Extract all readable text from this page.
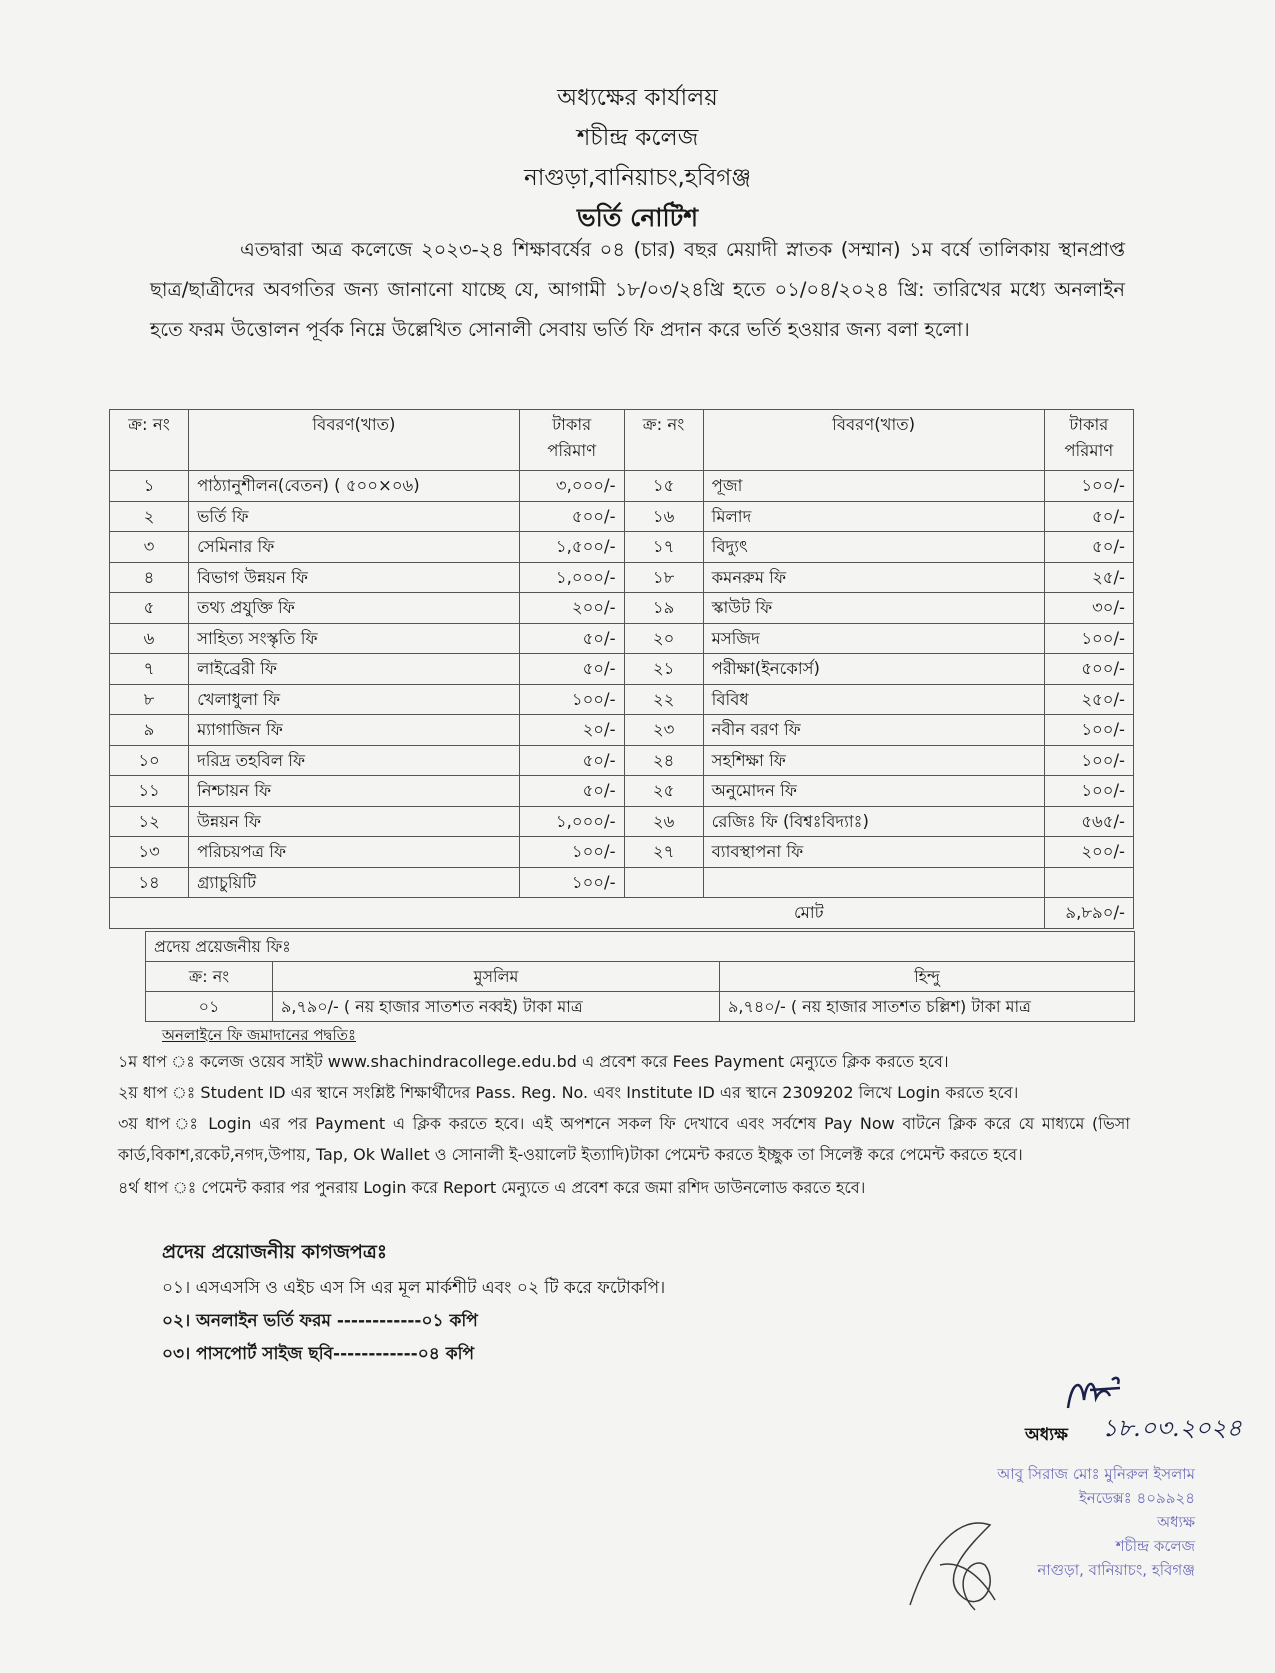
অধ্যক্ষের কার্যালয়
শচীন্দ্র কলেজ
নাগুড়া,বানিয়াচং,হবিগঞ্জ
ভর্তি নোটিশ
এতদ্বারা অত্র কলেজে ২০২৩-২৪ শিক্ষাবর্ষের ০৪ (চার) বছর মেয়াদী স্নাতক (সম্মান) ১ম বর্ষে তালিকায় স্থানপ্রাপ্ত ছাত্র/ছাত্রীদের অবগতির জন্য জানানো যাচ্ছে যে, আগামী ১৮/০৩/২৪খ্রি হতে ০১/০৪/২০২৪ খ্রি: তারিখের মধ্যে অনলাইন হতে ফরম উত্তোলন পূর্বক নিম্নে উল্লেখিত সোনালী সেবায় ভর্তি ফি প্রদান করে ভর্তি হওয়ার জন্য বলা হলো।
ক্র: নং	বিবরণ(খাত)	টাকার পরিমাণ	ক্র: নং	বিবরণ(খাত)	টাকার পরিমাণ
১	পাঠ্যানুশীলন(বেতন) ( ৫০০×০৬)	৩,০০০/-	১৫	পূজা	১০০/-
২	ভর্তি ফি	৫০০/-	১৬	মিলাদ	৫০/-
৩	সেমিনার ফি	১,৫০০/-	১৭	বিদ্যুৎ	৫০/-
৪	বিভাগ উন্নয়ন ফি	১,০০০/-	১৮	কমনরুম ফি	২৫/-
৫	তথ্য প্রযুক্তি ফি	২০০/-	১৯	স্কাউট ফি	৩০/-
৬	সাহিত্য সংস্কৃতি ফি	৫০/-	২০	মসজিদ	১০০/-
৭	লাইব্রেরী ফি	৫০/-	২১	পরীক্ষা(ইনকোর্স)	৫০০/-
৮	খেলাধুলা ফি	১০০/-	২২	বিবিধ	২৫০/-
৯	ম্যাগাজিন ফি	২০/-	২৩	নবীন বরণ ফি	১০০/-
১০	দরিদ্র তহবিল ফি	৫০/-	২৪	সহশিক্ষা ফি	১০০/-
১১	নিশ্চায়ন ফি	৫০/-	২৫	অনুমোদন ফি	১০০/-
১২	উন্নয়ন ফি	১,০০০/-	২৬	রেজিঃ ফি (বিশ্বঃবিদ্যাঃ)	৫৬৫/-
১৩	পরিচয়পত্র ফি	১০০/-	২৭	ব্যাবস্থাপনা ফি	২০০/-
১৪	গ্র্যাচুয়িটি	১০০/-			
মোট					৯,৮৯০/-
প্রদেয় প্রয়েজনীয় ফিঃ		
ক্র: নং	মুসলিম	হিন্দু
০১	৯,৭৯০/- ( নয় হাজার সাতশত নব্বই) টাকা মাত্র	৯,৭৪০/- ( নয় হাজার সাতশত চল্লিশ) টাকা মাত্র
অনলাইনে ফি জমাদানের পদ্বতিঃ

১ম ধাপ ঃ কলেজ ওয়েব সাইট www.shachindracollege.edu.bd এ প্রবেশ করে Fees Payment মেন্যুতে ক্লিক করতে হবে।

২য় ধাপ ঃ Student ID এর স্থানে সংশ্লিষ্ট শিক্ষার্থীদের Pass. Reg. No. এবং Institute ID এর স্থানে 2309202 লিখে Login করতে হবে।

৩য় ধাপ ঃ Login এর পর Payment এ ক্লিক করতে হবে। এই অপশনে সকল ফি দেখাবে এবং সর্বশেষ Pay Now বাটনে ক্লিক করে যে মাধ্যমে (ভিসা কার্ড,বিকাশ,রকেট,নগদ,উপায়, Tap, Ok Wallet ও সোনালী ই-ওয়ালেট ইত্যাদি)টাকা পেমেন্ট করতে ইচ্ছুক তা সিলেক্ট করে পেমেন্ট করতে হবে।

৪র্থ ধাপ ঃ পেমেন্ট করার পর পুনরায় Login করে Report মেন্যুতে এ প্রবেশ করে জমা রশিদ ডাউনলোড করতে হবে।

প্রদেয় প্রয়োজনীয় কাগজপত্রঃ
০১। এসএসসি ও এইচ এস সি এর মূল মার্কশীট এবং ০২ টি করে ফটোকপি।
০২। অনলাইন ভর্তি ফরম ------------০১ কপি
০৩। পাসপোর্ট সাইজ ছবি------------০৪ কপি
অধ্যক্ষ ১৮.০৩.২০২৪
আবু সিরাজ মোঃ মুনিরুল ইসলাম
ইনডেক্সঃ ৪০৯৯২৪
অধ্যক্ষ
শচীন্দ্র কলেজ
নাগুড়া, বানিয়াচং, হবিগঞ্জ
